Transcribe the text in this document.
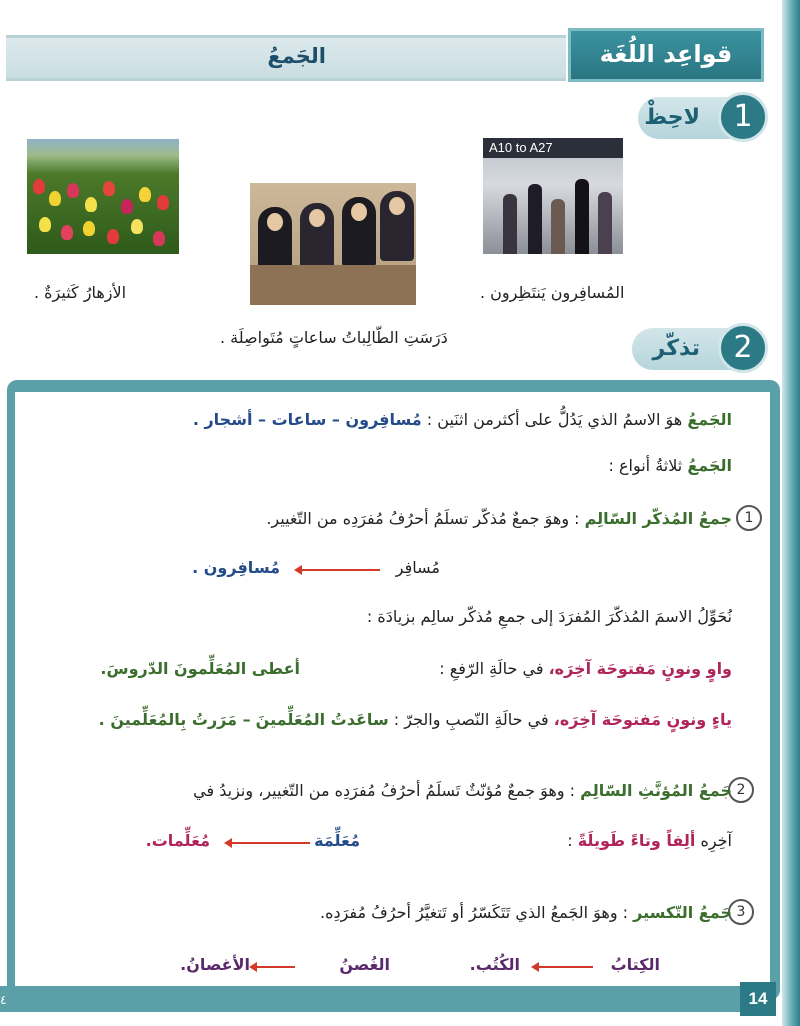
الجَمعُ	قواعِد اللُغَة
1
لاحِظْ
A10 to A27
المُسافِرون يَنتَظِرون .
دَرَسَتِ الطّالِباتُ ساعاتٍ مُتَواصِلَة .
الأزهارُ كَثيرَةٌ .
2
تذكّر
الجَمعُ هوَ الاسمُ الذي يَدُلُّ على أكثرمن اثنَين : مُسافِرون – ساعات – أشجار .
الجَمعُ ثلاثةُ أنواع :
1
جمعُ المُذكّر السّالِم : وهوَ جمعٌ مُذكّر تسلَمُ أحرُفُ مُفرَدِه من التّغيير.
مُسافِر
مُسافِرون .
نُحَوِّلُ الاسمَ المُذكّرَ المُفرَدَ إلى جمعِ مُذكّر سالِم بزيادَة :
واوٍ ونونٍ مَفتوحَة آخِرَه، في حالَةِ الرّفعِ :
أعطى المُعَلِّمونَ الدّروسَ.
ياءٍ ونونٍ مَفتوحَة آخِرَه، في حالَةِ النّصبِ والجرّ : ساعَدتُ المُعَلِّمينَ – مَرَرتُ بِالمُعَلِّمينَ .
2
جَمعُ المُؤنَّثِ السّالِم : وهوَ جمعٌ مُؤنّثٌ تَسلَمُ أحرُفُ مُفرَدِه من التّغيير، ونزيدُ في
آخِرِه ألِفاً وتاءً طَويلَةً :
مُعَلِّمَة
مُعَلِّمات.
3
جَمعُ التّكسير : وهوَ الجَمعُ الذي تَتَكَسّرُ أو تَتغيَّرُ أحرُفُ مُفرَدِه.
الكِتابُ
الكُتُب.
الغُصنُ
الأغصانُ.
٤	14
